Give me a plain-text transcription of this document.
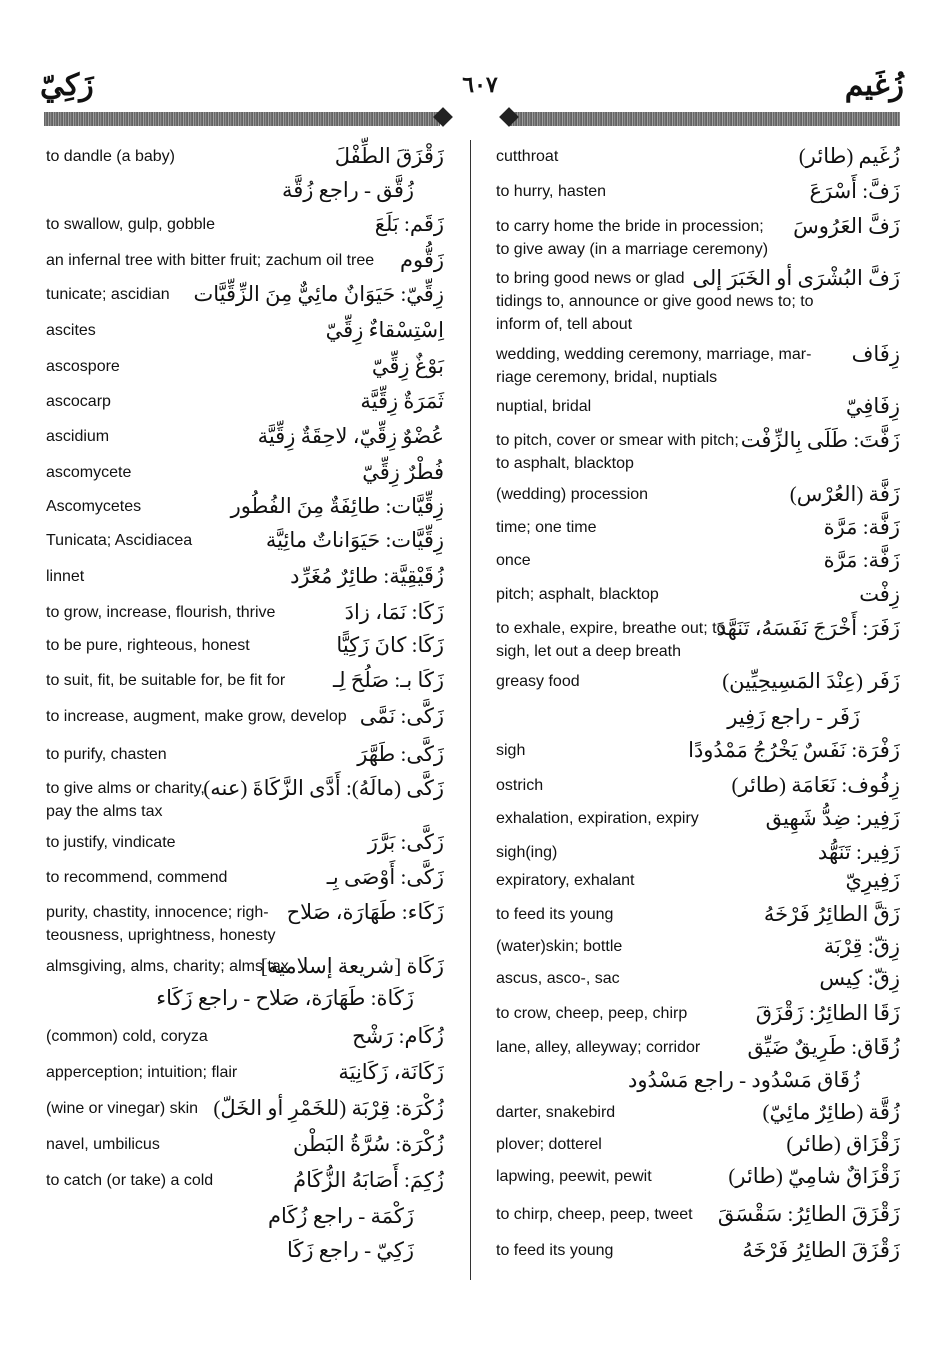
زَكِيّ	٦٠٧	زُغَيم
زَقْزَقَ الطِّفْلَ
to dandle (a baby)
زُقَّق - راجع زُقَّة
زَقَم: بَلَعَ
to swallow, gulp, gobble
زَقُّوم
an infernal tree with bitter fruit; zachum oil tree
زِقِّيّ: حَيَوَانٌ مائِيٌّ مِنَ الزِّقِّيَّات
tunicate; ascidian
اِسْتِسْقاءٌ زِقِّيّ
ascites
بَوْغٌ زِقِّيّ
ascospore
ثَمَرَةٌ زِقِّيَّة
ascocarp
عُضْوٌ زِقِّيّ، لاحِقَةٌ زِقِّيَّة
ascidium
فُطْرٌ زِقِّيّ
ascomycete
زِقِّيَّات: طائِفَةٌ مِنَ الفُطُور
Ascomycetes
زِقِّيَّات: حَيَوَاناتٌ مائِيَّة
Tunicata; Ascidiacea
زُقَيْقِيَّة: طائِرٌ مُغَرِّد
linnet
زَكَا: نَمَا، زادَ
to grow, increase, flourish, thrive
زَكَا: كانَ زَكِيًّا
to be pure, righteous, honest
زَكَا بـ: صَلُحَ لِـ
to suit, fit, be suitable for, be fit for
زَكَّى: نَمَّى
to increase, augment, make grow, develop
زَكَّى: طَهَّرَ
to purify, chasten
زَكَّى (مالَهُ): أَدَّى الزَّكَاةَ (عنه)
to give alms or charity,
pay the alms tax
زَكَّى: بَرَّرَ
to justify, vindicate
زَكَّى: أَوْصَى بِـ
to recommend, commend
زَكَاء: طَهَارَة، صَلاح
purity, chastity, innocence; righ-
teousness, uprightness, honesty
زَكَاة [شريعة إسلامية]
almsgiving, alms, charity; alms tax
زَكَاة: طَهَارَة، صَلاح - راجع زَكَاء
زُكَام: رَشْح
(common) cold, coryza
زَكَانَة، زَكَانِيَة
apperception; intuition; flair
زُكْرَة: قِرْبَة (للخَمْرِ أو الخَلّ)
(wine or vinegar) skin
زُكْرَة: سُرَّةُ البَطْن
navel, umbilicus
زُكِمَ: أَصَابَهُ الزُّكَامُ
to catch (or take) a cold
زَكْمَة - راجع زُكَام
زَكِيّ - راجع زَكَا
زُغَيم (طائر)
cutthroat
زَفَّ: أَسْرَعَ
to hurry, hasten
زَفَّ العَرُوسَ
to carry home the bride in procession;
to give away (in a marriage ceremony)
زَفَّ البُشْرَى أو الخَبَرَ إلى
to bring good news or glad
tidings to, announce or give good news to; to
inform of, tell about
زِفَاف
wedding, wedding ceremony, marriage, mar-
riage ceremony, bridal, nuptials
زِفَافِيّ
nuptial, bridal
زَفَّتَ: طَلَى بِالزِّفْت
to pitch, cover or smear with pitch;
to asphalt, blacktop
زَفَّة (العُرْس)
(wedding) procession
زَفَّة: مَرَّة
time; one time
زَفَّة: مَرَّة
once
زِفْت
pitch; asphalt, blacktop
زَفَرَ: أَخْرَجَ نَفَسَهُ، تَنَهَّدَ
to exhale, expire, breathe out; to
sigh, let out a deep breath
زَفَر (عِنْدَ المَسِيحِيِّين)
greasy food
زَفَر - راجع زَفِير
زَفْرَة: نَفَسٌ يَخْرُجُ مَمْدُودًا
sigh
زِفُوف: نَعَامَة (طائر)
ostrich
زَفِير: ضِدُّ شَهِيق
exhalation, expiration, expiry
زَفِير: تَنَهُّد
sigh(ing)
زَفِيرِيّ
expiratory, exhalant
زَقَّ الطائِرُ فَرْخَهُ
to feed its young
زِقّ: قِرْبَة
(water)skin; bottle
زِقّ: كِيس
ascus, asco-, sac
زَقَا الطائِرُ: زَقْزَقَ
to crow, cheep, peep, chirp
زُقَاق: طَرِيقٌ ضَيِّق
lane, alley, alleyway; corridor
زُقَاق مَسْدُود - راجع مَسْدُود
زُقَّة (طائِرٌ مائِيّ)
darter, snakebird
زَقْزَاق (طائر)
plover; dotterel
زَقْزَاقٌ شامِيّ (طائر)
lapwing, peewit, pewit
زَقْزَقَ الطائِرُ: سَقْسَقَ
to chirp, cheep, peep, tweet
زَقْزَقَ الطائِرُ فَرْخَهُ
to feed its young
